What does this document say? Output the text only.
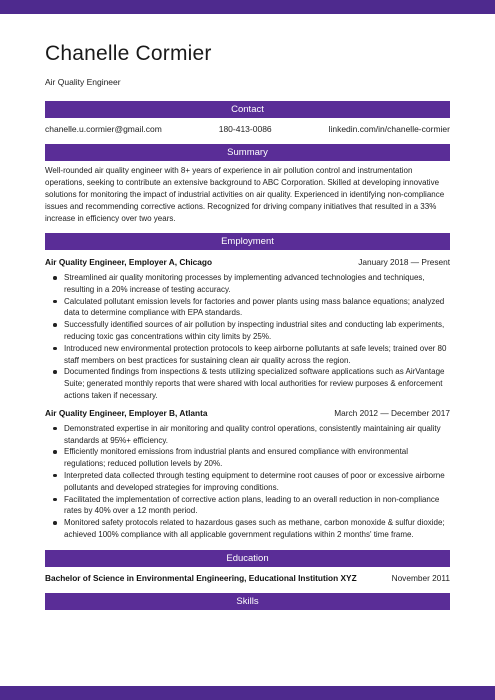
Chanelle Cormier
Air Quality Engineer
Contact
chanelle.u.cormier@gmail.com	180-413-0086	linkedin.com/in/chanelle-cormier
Summary
Well-rounded air quality engineer with 8+ years of experience in air pollution control and instrumentation operations, seeking to contribute an extensive background to ABC Corporation. Skilled at developing innovative solutions for monitoring the impact of industrial activities on air quality. Experienced in identifying non-compliance issues and recommending corrective actions. Recognized for driving company initiatives that resulted in a 33% increase in efficiency over two years.
Employment
Air Quality Engineer, Employer A, Chicago	January 2018 — Present
Streamlined air quality monitoring processes by implementing advanced technologies and techniques, resulting in a 20% increase of testing accuracy.
Calculated pollutant emission levels for factories and power plants using mass balance equations; analyzed data to determine compliance with EPA standards.
Successfully identified sources of air pollution by inspecting industrial sites and conducting lab experiments, reducing toxic gas concentrations within city limits by 25%.
Introduced new environmental protection protocols to keep airborne pollutants at safe levels; trained over 80 staff members on best practices for sustaining clean air quality across the region.
Documented findings from inspections & tests utilizing specialized software applications such as AirVantage Suite; generated monthly reports that were shared with local authorities for review purposes & enforcement actions taken if necessary.
Air Quality Engineer, Employer B, Atlanta	March 2012 — December 2017
Demonstrated expertise in air monitoring and quality control operations, consistently maintaining air quality standards at 95%+ efficiency.
Efficiently monitored emissions from industrial plants and ensured compliance with environmental regulations; reduced pollution levels by 20%.
Interpreted data collected through testing equipment to determine root causes of poor or excessive airborne pollutants and developed strategies for improving conditions.
Facilitated the implementation of corrective action plans, leading to an overall reduction in non-compliance rates by 40% over a 12 month period.
Monitored safety protocols related to hazardous gases such as methane, carbon monoxide & sulfur dioxide; achieved 100% compliance with all applicable government regulations within 2 months' time frame.
Education
Bachelor of Science in Environmental Engineering, Educational Institution XYZ	November 2011
Skills
